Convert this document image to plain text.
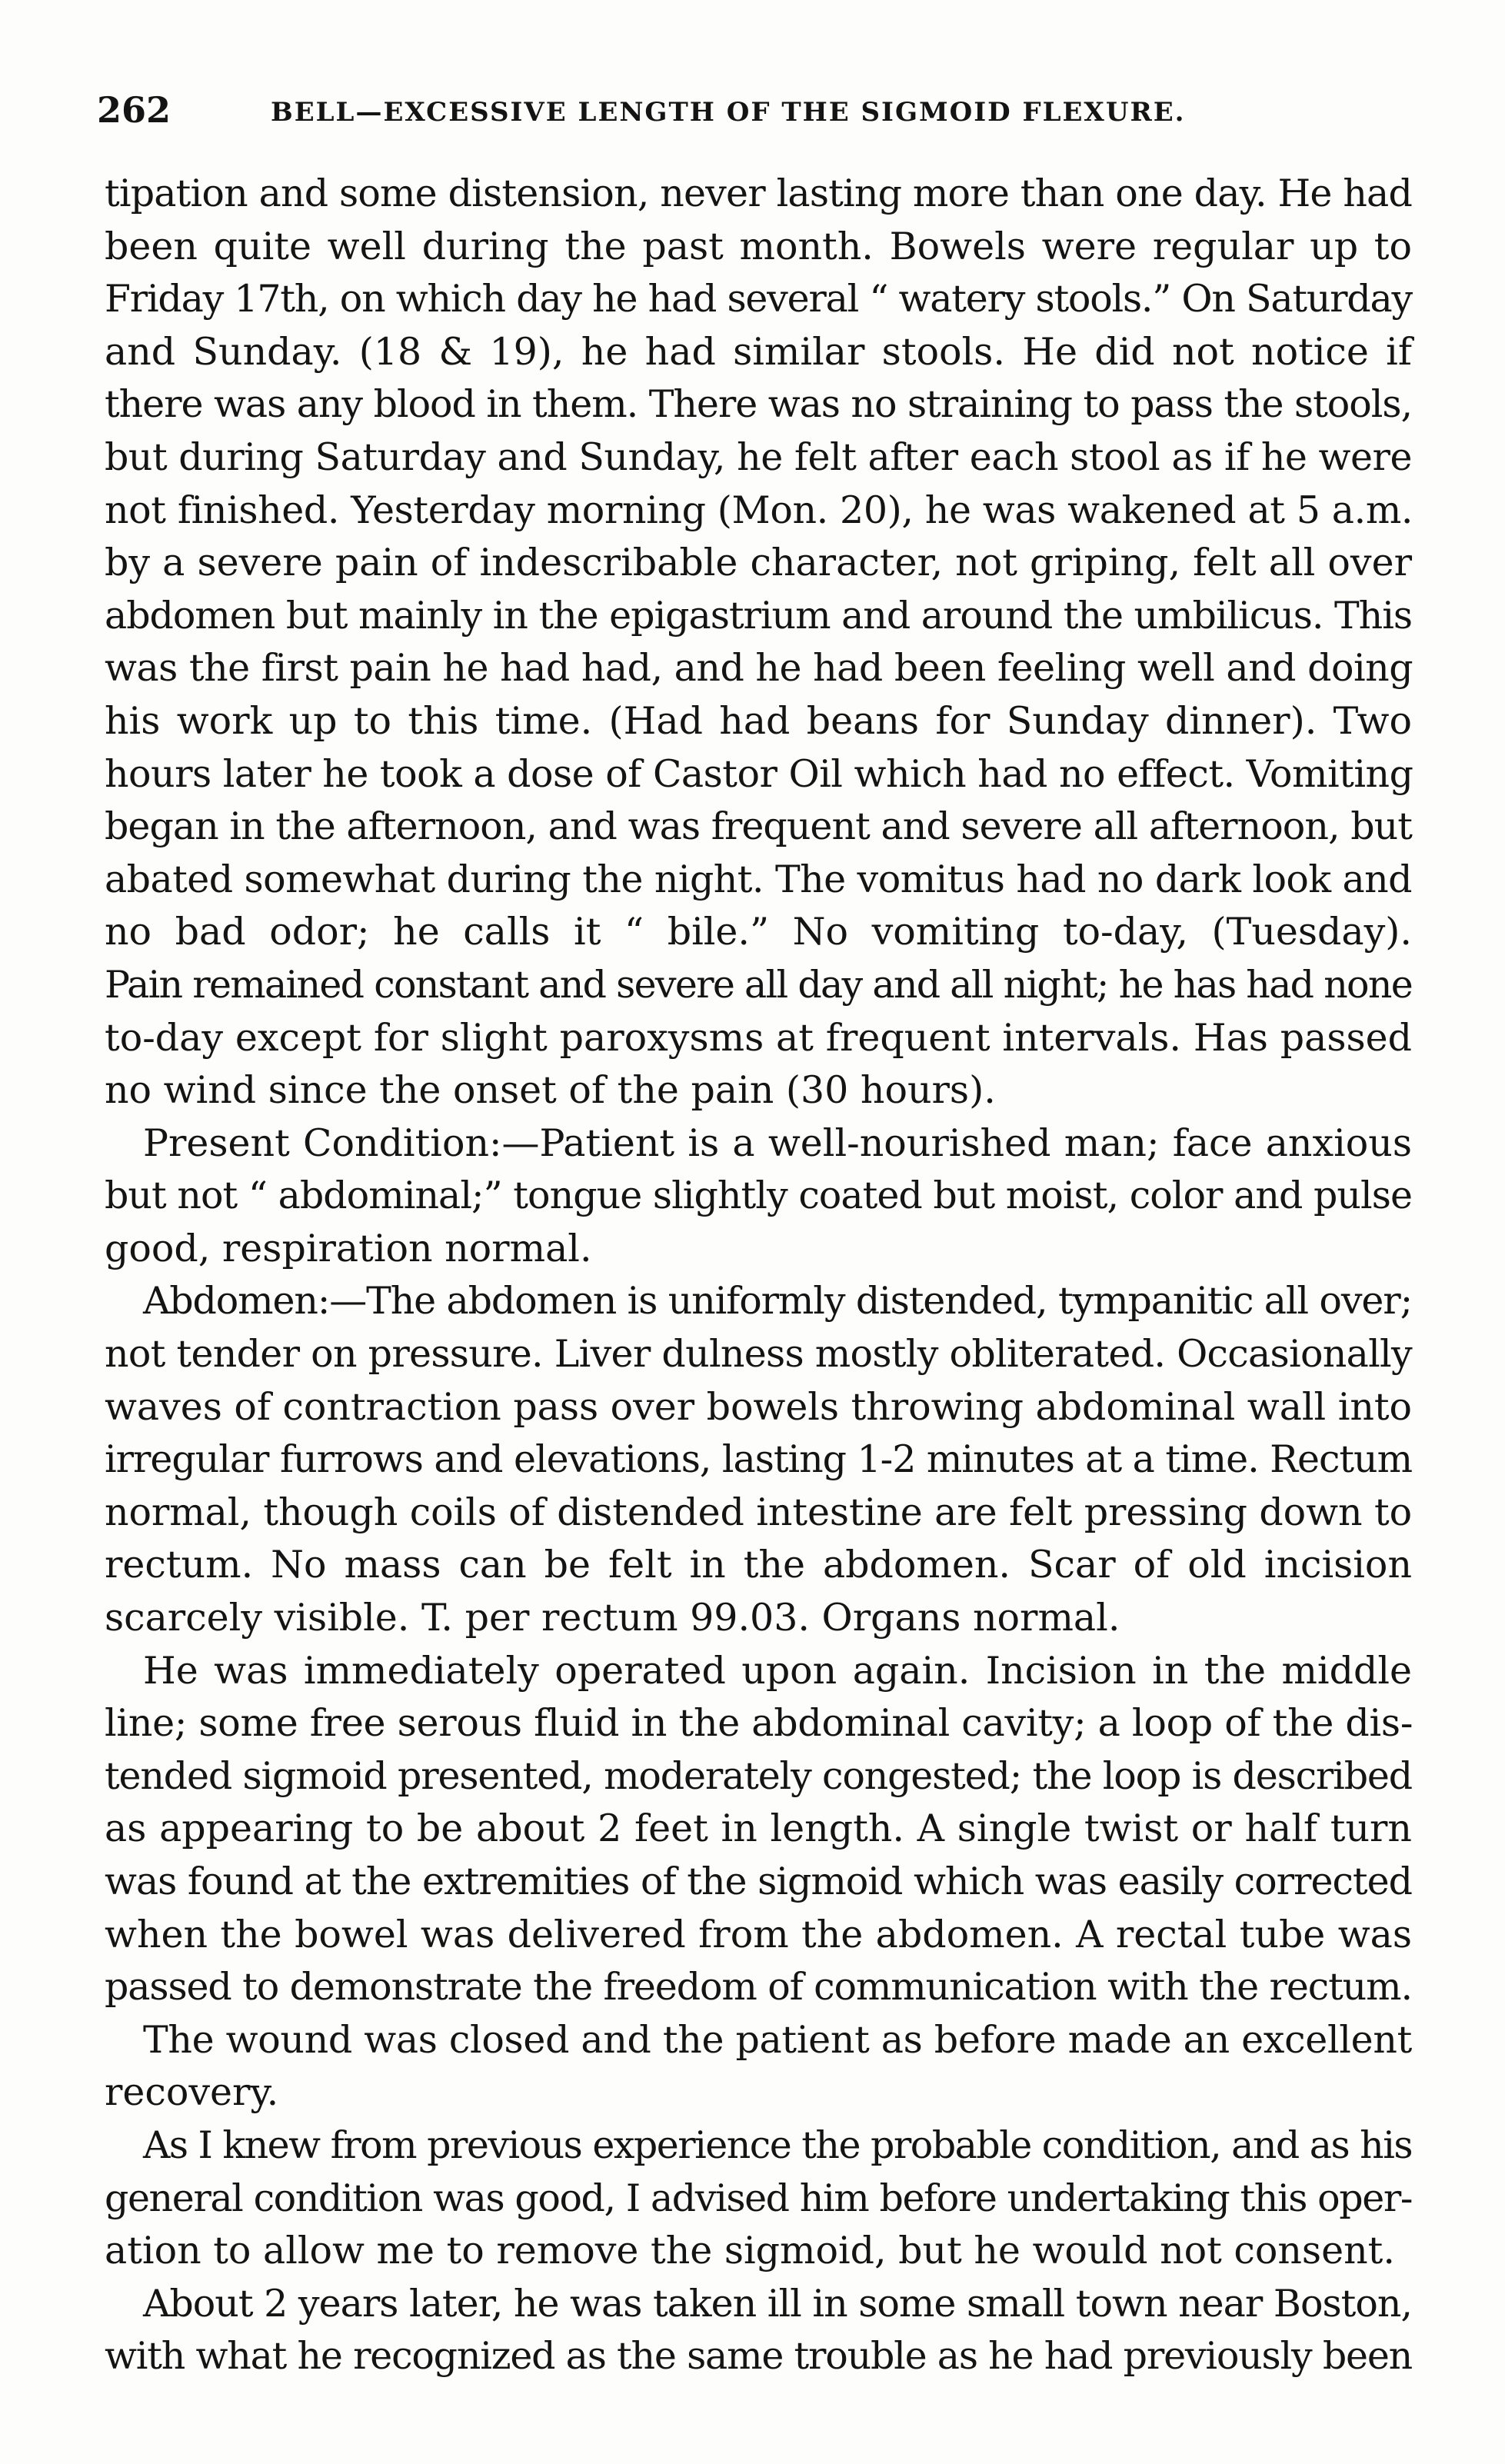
262	BELL—EXCESSIVE LENGTH OF THE SIGMOID FLEXURE.
tipation and some distension, never lasting more than one day. He had
been quite well during the past month. Bowels were regular up to
Friday 17th, on which day he had several “ watery stools.” On Saturday
and Sunday. (18 & 19), he had similar stools. He did not notice if
there was any blood in them. There was no straining to pass the stools,
but during Saturday and Sunday, he felt after each stool as if he were
not finished. Yesterday morning (Mon. 20), he was wakened at 5 a.m.
by a severe pain of indescribable character, not griping, felt all over
abdomen but mainly in the epigastrium and around the umbilicus. This
was the first pain he had had, and he had been feeling well and doing
his work up to this time. (Had had beans for Sunday dinner). Two
hours later he took a dose of Castor Oil which had no effect. Vomiting
began in the afternoon, and was frequent and severe all afternoon, but
abated somewhat during the night. The vomitus had no dark look and
no bad odor; he calls it “ bile.” No vomiting to-day, (Tuesday).
Pain remained constant and severe all day and all night; he has had none
to-day except for slight paroxysms at frequent intervals. Has passed
no wind since the onset of the pain (30 hours).
Present Condition:—Patient is a well-nourished man; face anxious
but not “ abdominal;” tongue slightly coated but moist, color and pulse
good, respiration normal.
Abdomen:—The abdomen is uniformly distended, tympanitic all over;
not tender on pressure. Liver dulness mostly obliterated. Occasionally
waves of contraction pass over bowels throwing abdominal wall into
irregular furrows and elevations, lasting 1-2 minutes at a time. Rectum
normal, though coils of distended intestine are felt pressing down to
rectum. No mass can be felt in the abdomen. Scar of old incision
scarcely visible. T. per rectum 99.03. Organs normal.
He was immediately operated upon again. Incision in the middle
line; some free serous fluid in the abdominal cavity; a loop of the dis-
tended sigmoid presented, moderately congested; the loop is described
as appearing to be about 2 feet in length. A single twist or half turn
was found at the extremities of the sigmoid which was easily corrected
when the bowel was delivered from the abdomen. A rectal tube was
passed to demonstrate the freedom of communication with the rectum.
The wound was closed and the patient as before made an excellent
recovery.
As I knew from previous experience the probable condition, and as his
general condition was good, I advised him before undertaking this oper-
ation to allow me to remove the sigmoid, but he would not consent.
About 2 years later, he was taken ill in some small town near Boston,
with what he recognized as the same trouble as he had previously been
